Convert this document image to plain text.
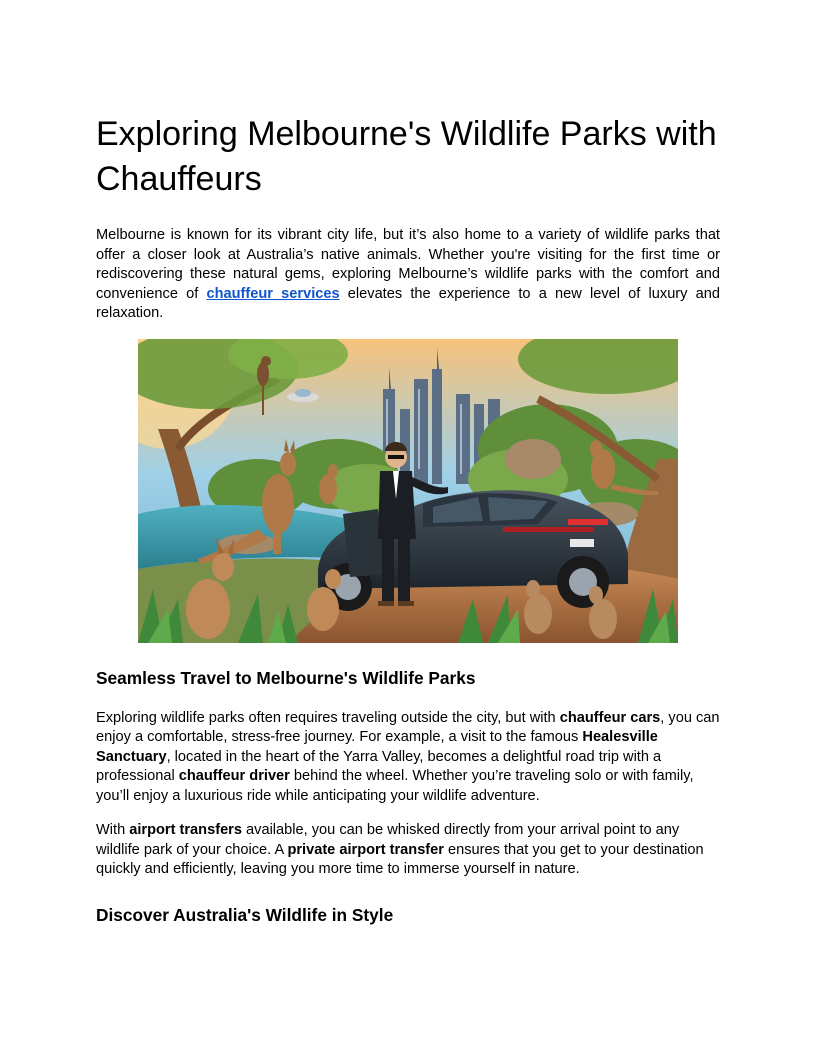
Exploring Melbourne's Wildlife Parks with Chauffeurs

Melbourne is known for its vibrant city life, but it’s also home to a variety of wildlife parks that offer a closer look at Australia’s native animals. Whether you're visiting for the first time or rediscovering these natural gems, exploring Melbourne’s wildlife parks with the comfort and convenience of chauffeur services elevates the experience to a new level of luxury and relaxation.

Seamless Travel to Melbourne's Wildlife Parks

Exploring wildlife parks often requires traveling outside the city, but with chauffeur cars, you can enjoy a comfortable, stress-free journey. For example, a visit to the famous Healesville Sanctuary, located in the heart of the Yarra Valley, becomes a delightful road trip with a professional chauffeur driver behind the wheel. Whether you’re traveling solo or with family, you’ll enjoy a luxurious ride while anticipating your wildlife adventure.

With airport transfers available, you can be whisked directly from your arrival point to any wildlife park of your choice. A private airport transfer ensures that you get to your destination quickly and efficiently, leaving you more time to immerse yourself in nature.

Discover Australia's Wildlife in Style
